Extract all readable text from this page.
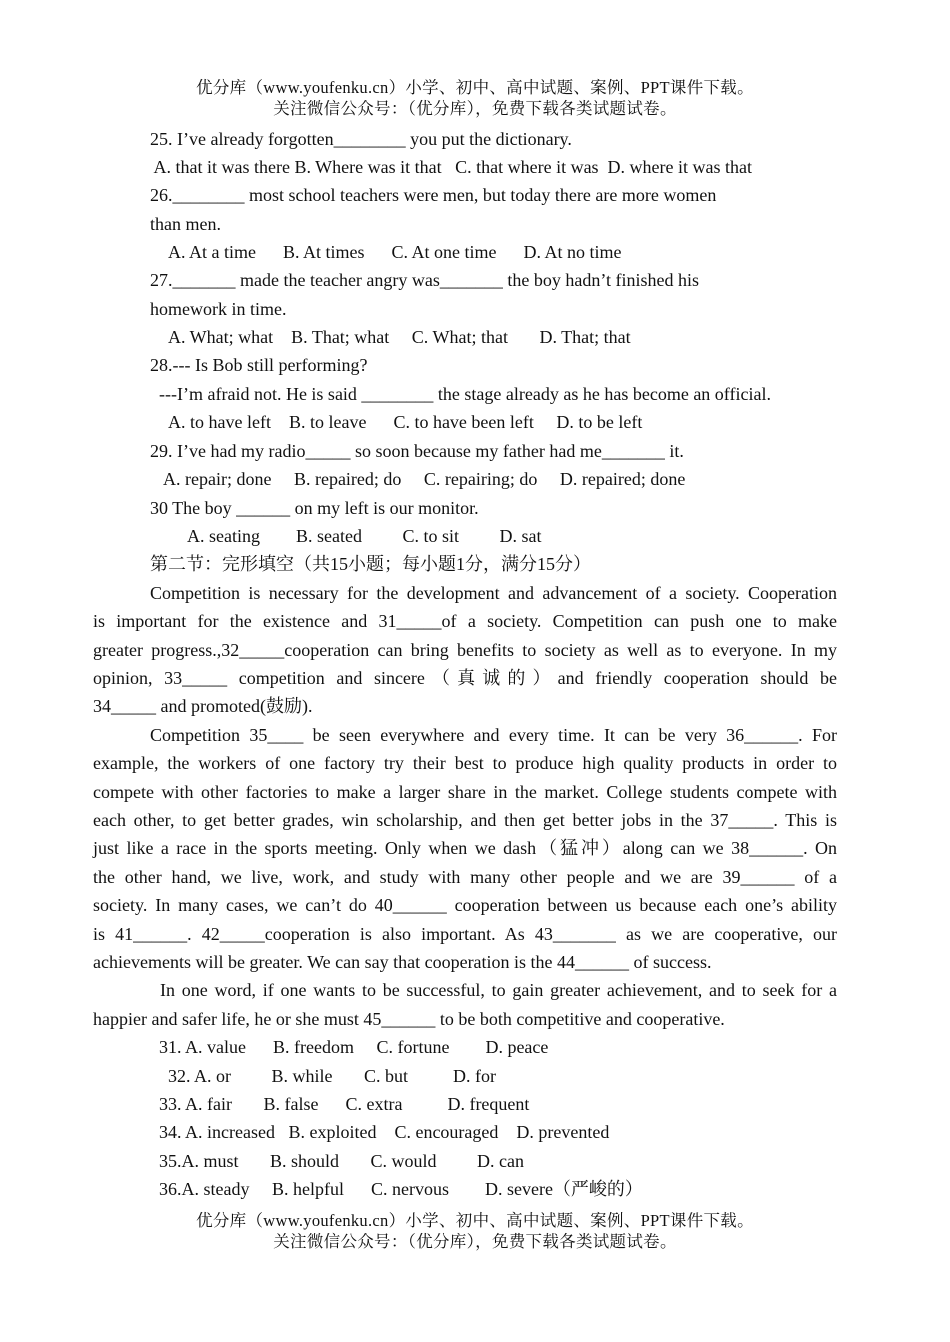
优分库（www.youfenku.cn）小学、初中、高中试题、案例、PPT课件下载。
关注微信公众号：（优分库），免费下载各类试题试卷。
25. I’ve already forgotten________ you put the dictionary.
A. that it was there B. Where was it that   C. that where it was  D. where it was that
26.________ most school teachers were men, but today there are more women
than men.
A. At a time      B. At times      C. At one time      D. At no time
27._______ made the teacher angry was_______ the boy hadn’t finished his
homework in time.
A. What; what    B. That; what     C. What; that       D. That; that
28.--- Is Bob still performing?
---I’m afraid not. He is said ________ the stage already as he has become an official.
A. to have left    B. to leave      C. to have been left     D. to be left
29. I’ve had my radio_____ so soon because my father had me_______ it.
A. repair; done     B. repaired; do     C. repairing; do     D. repaired; done
30 The boy ______ on my left is our monitor.
A. seating        B. seated         C. to sit         D. sat
第二节：完形填空（共15小题；每小题1分，满分15分）
Competition is necessary for the development and advancement of a society. Cooperation
is important for the existence and 31_____of a society. Competition can push one to make
greater progress.,32_____cooperation can bring benefits to society as well as to everyone. In my
opinion, 33_____ competition and sincere（真诚的）and friendly cooperation should be
34_____ and promoted(鼓励).
Competition 35____ be seen everywhere and every time. It can be very 36______. For
example, the workers of one factory try their best to produce high quality products in order to
compete with other factories to make a larger share in the market. College students compete with
each other, to get better grades, win scholarship, and then get better jobs in the 37_____. This is
just like a race in the sports meeting. Only when we dash（猛冲）along can we 38______. On
the other hand, we live, work, and study with many other people and we are 39______ of a
society. In many cases, we can’t do 40______ cooperation between us because each one’s ability
is 41______. 42_____cooperation is also important. As 43_______ as we are cooperative, our
achievements will be greater. We can say that cooperation is the 44______ of success.
In one word, if one wants to be successful, to gain greater achievement, and to seek for a
happier and safer life, he or she must 45______ to be both competitive and cooperative.
31. A. value      B. freedom     C. fortune        D. peace
32. A. or         B. while       C. but          D. for
33. A. fair       B. false      C. extra          D. frequent
34. A. increased   B. exploited    C. encouraged    D. prevented
35.A. must       B. should       C. would         D. can
36.A. steady     B. helpful      C. nervous        D. severe（严峻的）
优分库（www.youfenku.cn）小学、初中、高中试题、案例、PPT课件下载。
关注微信公众号：（优分库），免费下载各类试题试卷。
